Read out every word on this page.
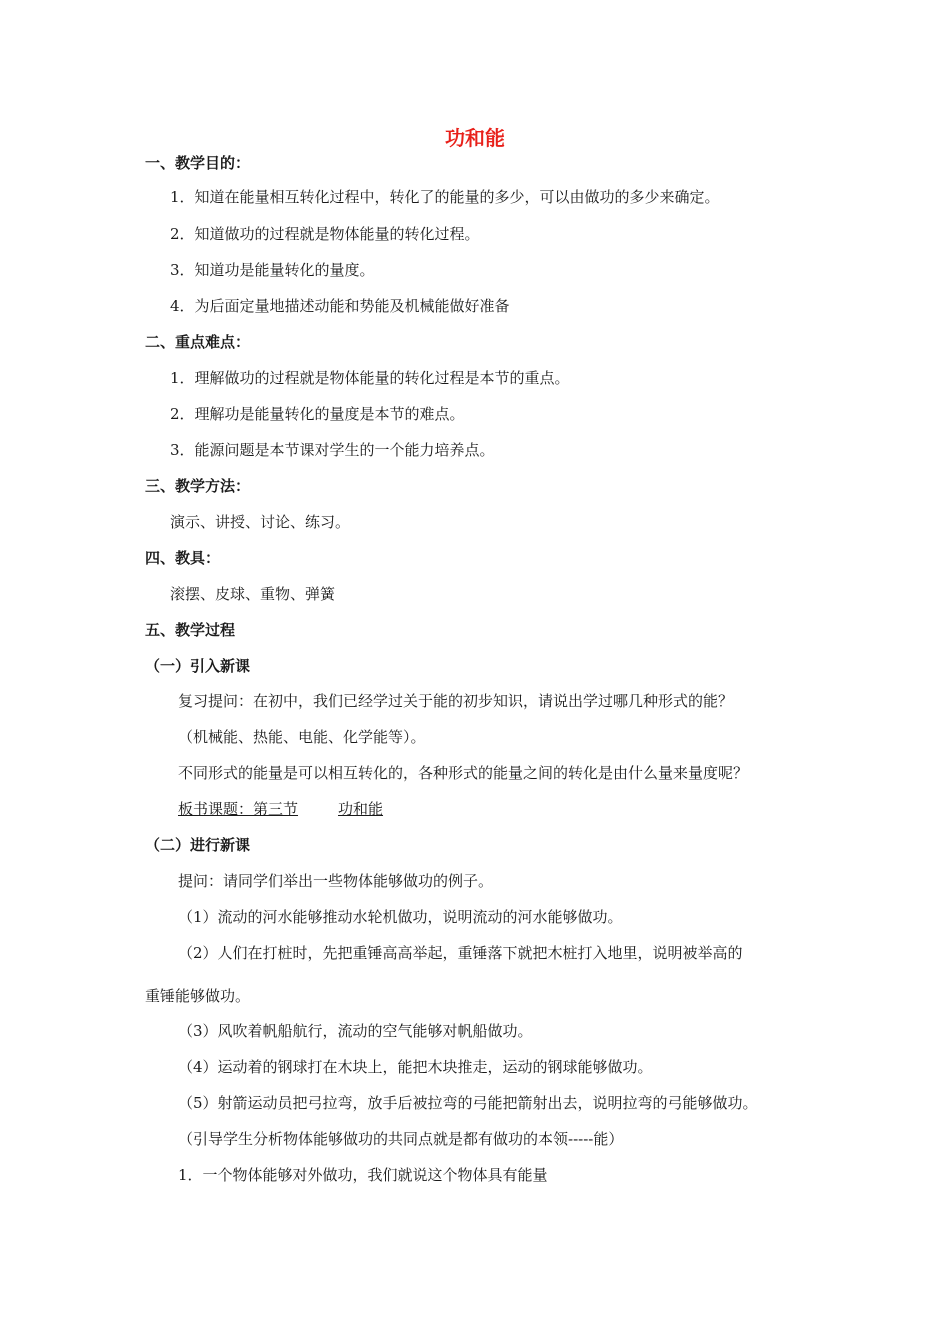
功和能
一、教学目的：
1．知道在能量相互转化过程中，转化了的能量的多少，可以由做功的多少来确定。
2．知道做功的过程就是物体能量的转化过程。
3．知道功是能量转化的量度。
4．为后面定量地描述动能和势能及机械能做好准备
二、重点难点：
1．理解做功的过程就是物体能量的转化过程是本节的重点。
2．理解功是能量转化的量度是本节的难点。
3．能源问题是本节课对学生的一个能力培养点。
三、教学方法：
演示、讲授、讨论、练习。
四、教具：
滚摆、皮球、重物、弹簧
五、教学过程
（一）引入新课
复习提问：在初中，我们已经学过关于能的初步知识，请说出学过哪几种形式的能？
（机械能、热能、电能、化学能等）。
不同形式的能量是可以相互转化的，各种形式的能量之间的转化是由什么量来量度呢？
板书课题：第三节	功和能
（二）进行新课
提问：请同学们举出一些物体能够做功的例子。
（1）流动的河水能够推动水轮机做功，说明流动的河水能够做功。
（2）人们在打桩时，先把重锤高高举起，重锤落下就把木桩打入地里，说明被举高的
重锤能够做功。
（3）风吹着帆船航行，流动的空气能够对帆船做功。
（4）运动着的钢球打在木块上，能把木块推走，运动的钢球能够做功。
（5）射箭运动员把弓拉弯，放手后被拉弯的弓能把箭射出去，说明拉弯的弓能够做功。
（引导学生分析物体能够做功的共同点就是都有做功的本领-----能）
1．一个物体能够对外做功，我们就说这个物体具有能量
